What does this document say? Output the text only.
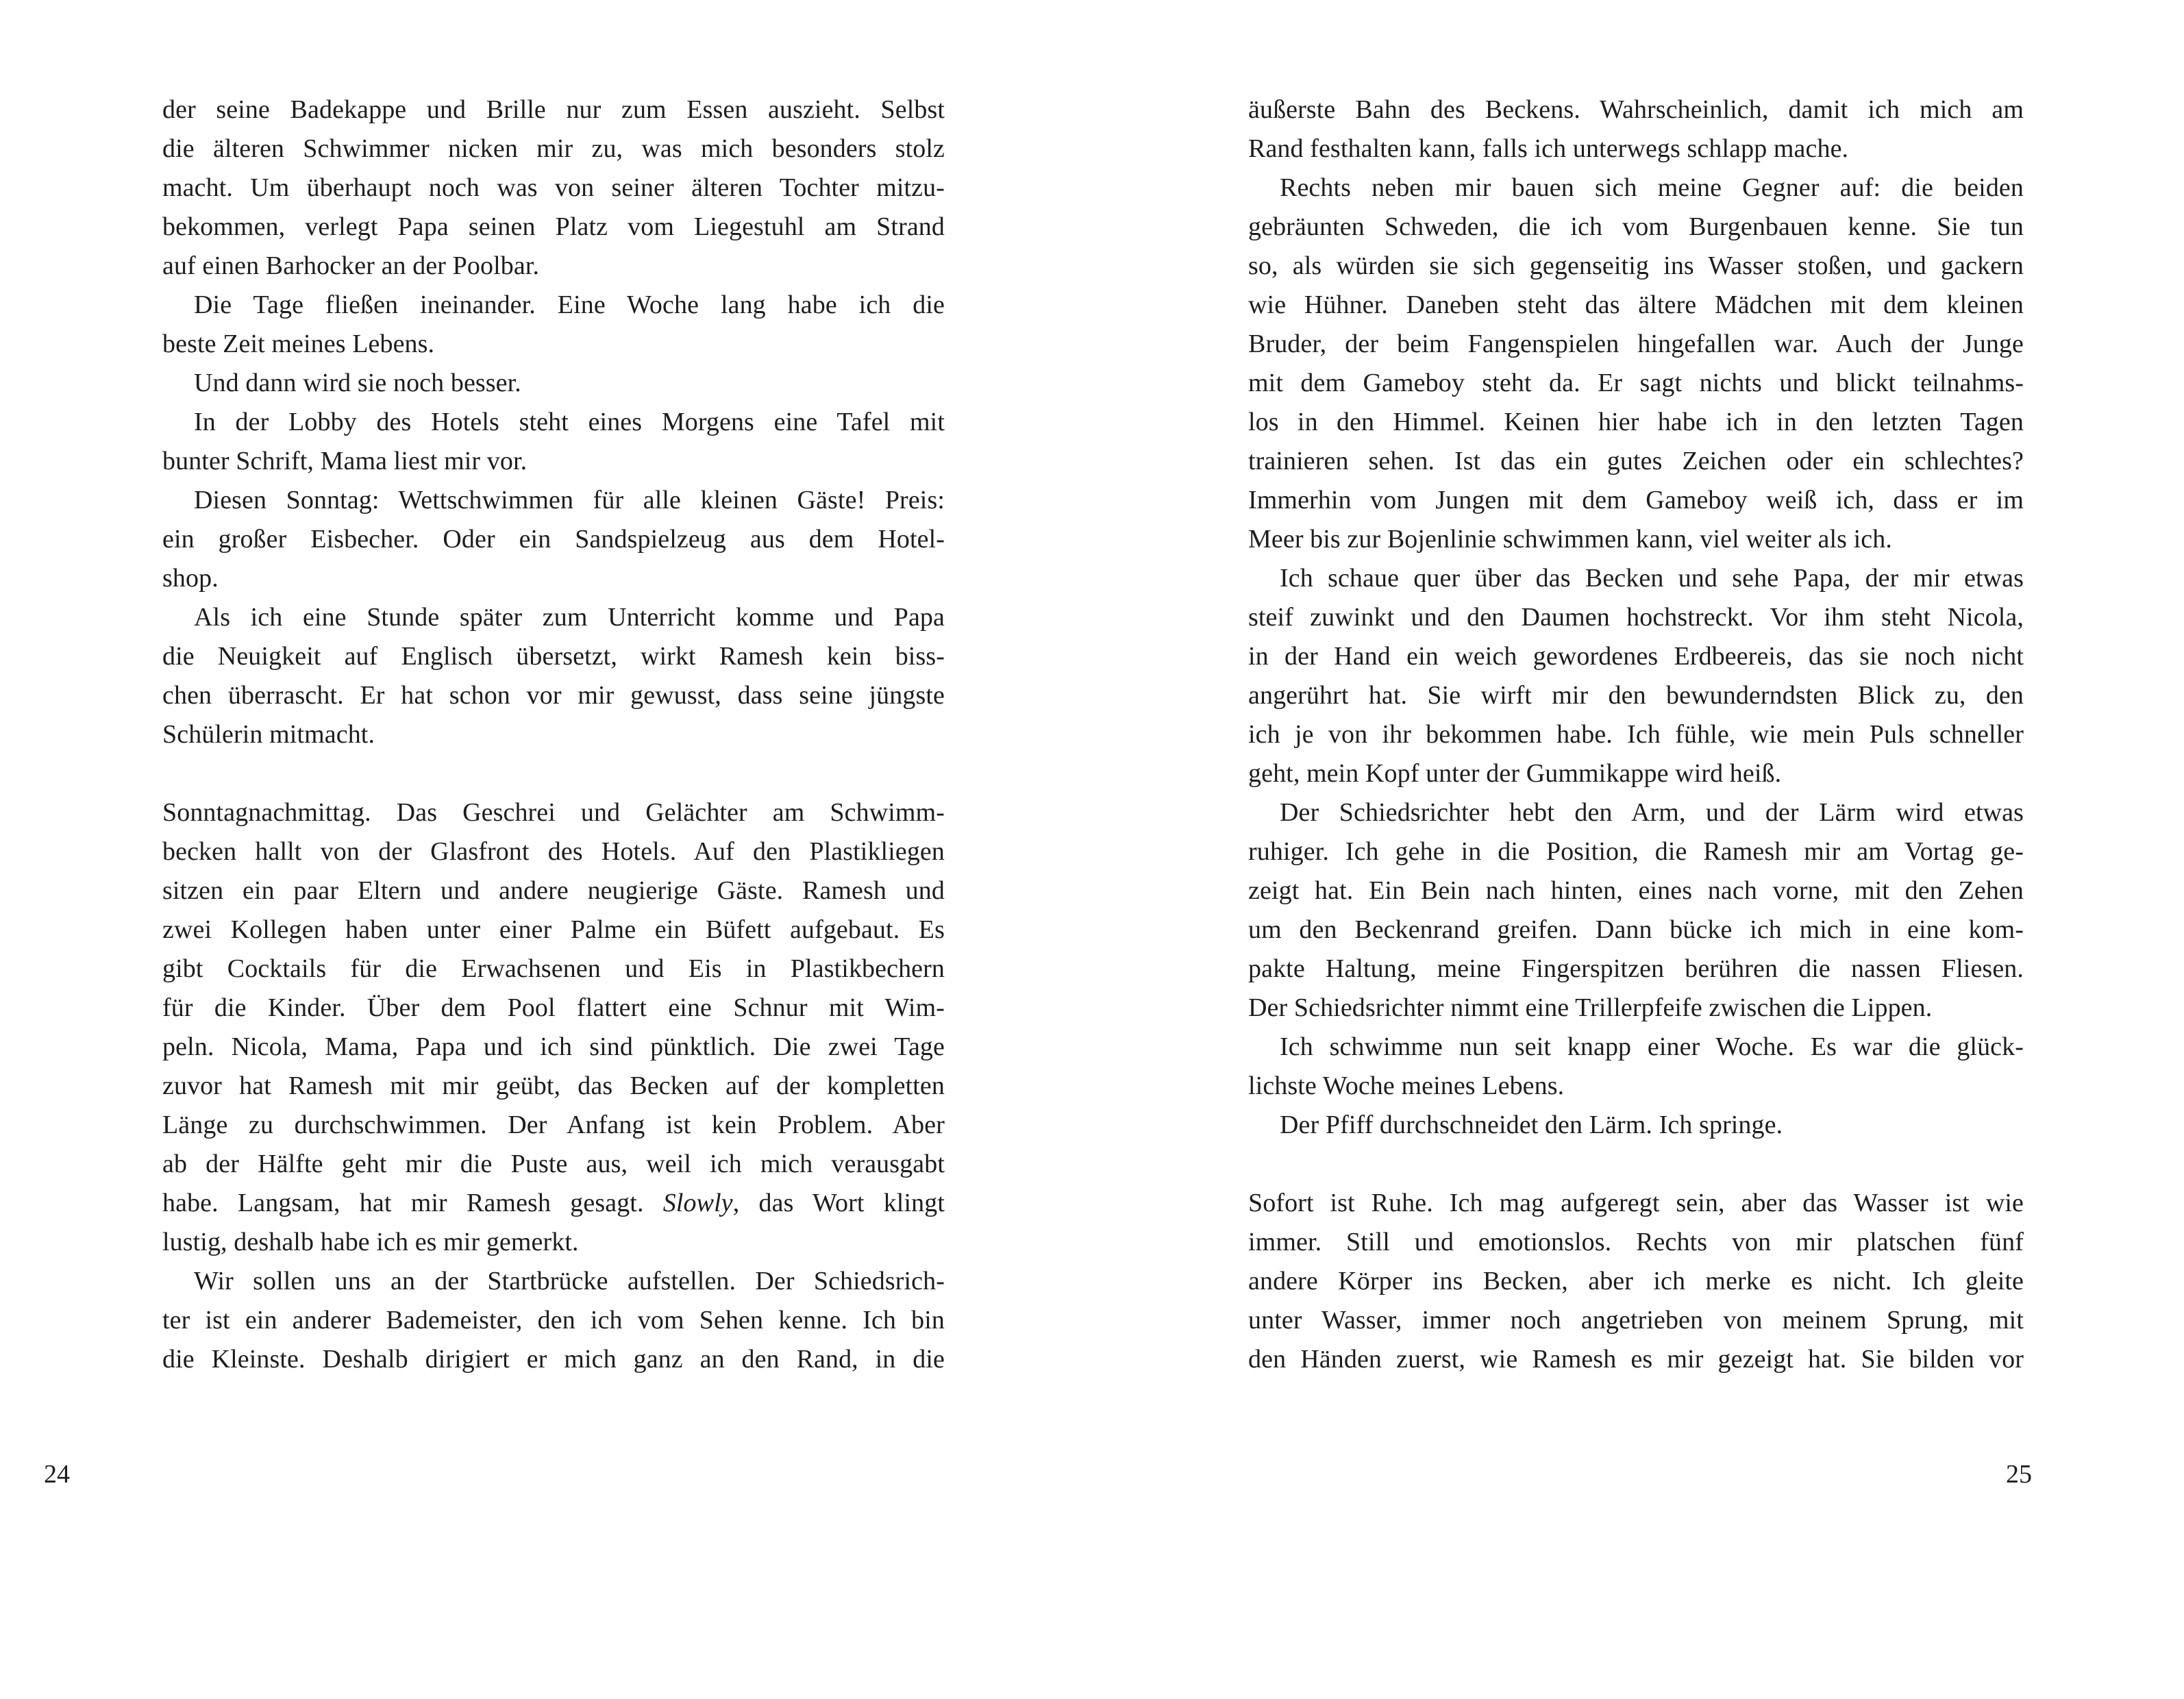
der seine Badekappe und Brille nur zum Essen auszieht. Selbst
die älteren Schwimmer nicken mir zu, was mich besonders stolz
macht. Um überhaupt noch was von seiner älteren Tochter mitzu-
bekommen, verlegt Papa seinen Platz vom Liegestuhl am Strand
auf einen Barhocker an der Poolbar.
Die Tage fließen ineinander. Eine Woche lang habe ich die
beste Zeit meines Lebens.
Und dann wird sie noch besser.
In der Lobby des Hotels steht eines Morgens eine Tafel mit
bunter Schrift, Mama liest mir vor.
Diesen Sonntag: Wettschwimmen für alle kleinen Gäste! Preis:
ein großer Eisbecher. Oder ein Sandspielzeug aus dem Hotel-
shop.
Als ich eine Stunde später zum Unterricht komme und Papa
die Neuigkeit auf Englisch übersetzt, wirkt Ramesh kein biss-
chen überrascht. Er hat schon vor mir gewusst, dass seine jüngste
Schülerin mitmacht.
Sonntagnachmittag. Das Geschrei und Gelächter am Schwimm-
becken hallt von der Glasfront des Hotels. Auf den Plastikliegen
sitzen ein paar Eltern und andere neugierige Gäste. Ramesh und
zwei Kollegen haben unter einer Palme ein Büfett aufgebaut. Es
gibt Cocktails für die Erwachsenen und Eis in Plastikbechern
für die Kinder. Über dem Pool flattert eine Schnur mit Wim-
peln. Nicola, Mama, Papa und ich sind pünktlich. Die zwei Tage
zuvor hat Ramesh mit mir geübt, das Becken auf der kompletten
Länge zu durchschwimmen. Der Anfang ist kein Problem. Aber
ab der Hälfte geht mir die Puste aus, weil ich mich verausgabt
habe. Langsam, hat mir Ramesh gesagt. Slowly, das Wort klingt
lustig, deshalb habe ich es mir gemerkt.
Wir sollen uns an der Startbrücke aufstellen. Der Schiedsrich-
ter ist ein anderer Bademeister, den ich vom Sehen kenne. Ich bin
die Kleinste. Deshalb dirigiert er mich ganz an den Rand, in die
24
äußerste Bahn des Beckens. Wahrscheinlich, damit ich mich am
Rand festhalten kann, falls ich unterwegs schlapp mache.
Rechts neben mir bauen sich meine Gegner auf: die beiden
gebräunten Schweden, die ich vom Burgenbauen kenne. Sie tun
so, als würden sie sich gegenseitig ins Wasser stoßen, und gackern
wie Hühner. Daneben steht das ältere Mädchen mit dem kleinen
Bruder, der beim Fangenspielen hingefallen war. Auch der Junge
mit dem Gameboy steht da. Er sagt nichts und blickt teilnahms-
los in den Himmel. Keinen hier habe ich in den letzten Tagen
trainieren sehen. Ist das ein gutes Zeichen oder ein schlechtes?
Immerhin vom Jungen mit dem Gameboy weiß ich, dass er im
Meer bis zur Bojenlinie schwimmen kann, viel weiter als ich.
Ich schaue quer über das Becken und sehe Papa, der mir etwas
steif zuwinkt und den Daumen hochstreckt. Vor ihm steht Nicola,
in der Hand ein weich gewordenes Erdbeereis, das sie noch nicht
angerührt hat. Sie wirft mir den bewunderndsten Blick zu, den
ich je von ihr bekommen habe. Ich fühle, wie mein Puls schneller
geht, mein Kopf unter der Gummikappe wird heiß.
Der Schiedsrichter hebt den Arm, und der Lärm wird etwas
ruhiger. Ich gehe in die Position, die Ramesh mir am Vortag ge-
zeigt hat. Ein Bein nach hinten, eines nach vorne, mit den Zehen
um den Beckenrand greifen. Dann bücke ich mich in eine kom-
pakte Haltung, meine Fingerspitzen berühren die nassen Fliesen.
Der Schiedsrichter nimmt eine Trillerpfeife zwischen die Lippen.
Ich schwimme nun seit knapp einer Woche. Es war die glück-
lichste Woche meines Lebens.
Der Pfiff durchschneidet den Lärm. Ich springe.
Sofort ist Ruhe. Ich mag aufgeregt sein, aber das Wasser ist wie
immer. Still und emotionslos. Rechts von mir platschen fünf
andere Körper ins Becken, aber ich merke es nicht. Ich gleite
unter Wasser, immer noch angetrieben von meinem Sprung, mit
den Händen zuerst, wie Ramesh es mir gezeigt hat. Sie bilden vor
25
